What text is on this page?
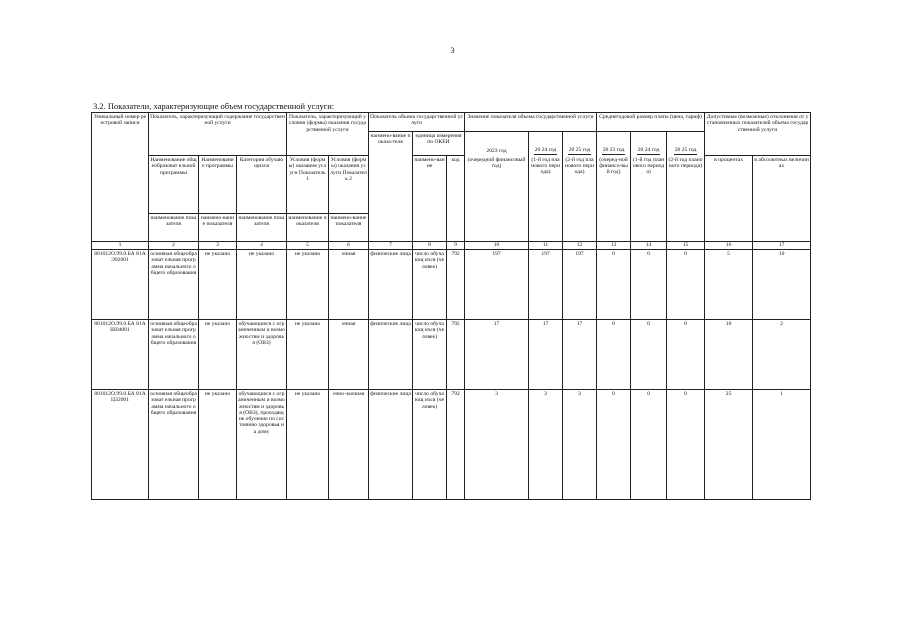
3
3.2. Показатели, характеризующие объем государственной услуги:
Уникальный номер реестровой записи	Показатель, характеризующий содержание государственной услуги			Показатель, характеризующий условия (формы) оказания государственной услуги		Показатель объема государственной услуги			Значение показателя объема государственной услуги			Среднегодовой размер платы (цена, тариф)			Допустимые (возможные) отклонения от установленных показателей объема государственной услуги	
						наимено-вание показа-теля	единица измерения по ОКЕИ		2023 год	20 24 год	20 25 год	20 23 год	20 24 год	20 25 год		
	Наименование общеобразоват ельной программы	Наименовани е программы	Категория обучающихся	Условия (формы) оказания услуги Показатель 1	Условия (формы) оказания услуги Показатель 2		наимено-вание	код	(очередной финансовый год)	(1-й год планового периода)	(2-й год планового периода)	(очеред-ной финансо-вый год)	(1-й год планового периода)	(2-й год планового периода)	в процентах	в абсолютных величинах
	наименование показателя	наимено-вание показателя	наименование показателя	наименование показателя	наимено-вание показателя											
1	2	3	4	5	6	7	8	9	10	11	12	13	14	15	16	17
801012О.99.0.БА 81АЭ92001	основная общеобразоват ельная программа начального общего образования	не указано	не указано	не указано	очная	физические лица	число обучающ ихся (человек)	792	197	197	197	0	0	0	5	10
801012О.99.0.БА 81АШ04001	основная общеобразоват ельная программа начального общего образования	не указано	обучающиеся с ограниченным и возможностям и здоровья (ОВЗ)	не указано	очная	физические лица	число обучающ ихся (человек)	792	17	17	17	0	0	0	10	2
801012О.99.0.БА 81АЦ32001	основная общеобразоват ельная программа начального общего образования	не указано	обучающиеся с ограниченным и возможностям и здоровья (ОВЗ), проходящие обучение по состоянию здоровья на дому	не указано	очно-заочная	физические лица	число обучающ ихся (человек)	792	3	3	3	0	0	0	25	1
